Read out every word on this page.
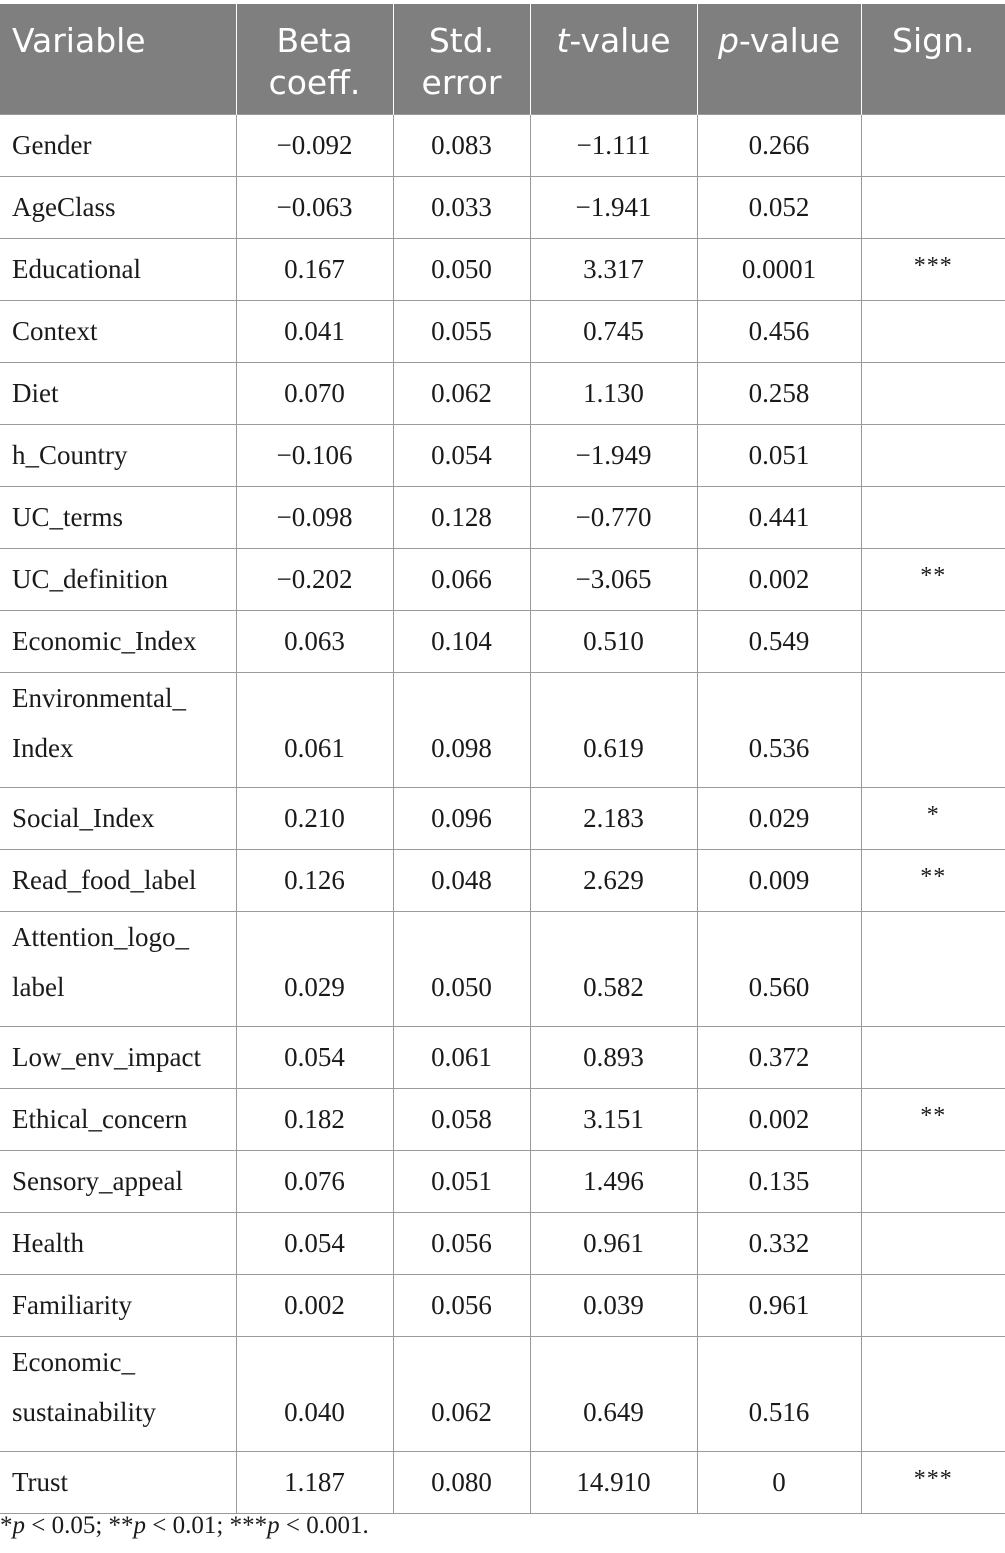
Variable	Beta coeff.	Std. error	t-value	p-value	Sign.
Gender	−0.092	0.083	−1.111	0.266	
AgeClass	−0.063	0.033	−1.941	0.052	
Educational	0.167	0.050	3.317	0.0001	***
Context	0.041	0.055	0.745	0.456	
Diet	0.070	0.062	1.130	0.258	
h_Country	−0.106	0.054	−1.949	0.051	
UC_terms	−0.098	0.128	−0.770	0.441	
UC_definition	−0.202	0.066	−3.065	0.002	**
Economic_Index	0.063	0.104	0.510	0.549	
Environmental_
Index	0.061	0.098	0.619	0.536	
Social_Index	0.210	0.096	2.183	0.029	*
Read_food_label	0.126	0.048	2.629	0.009	**
Attention_logo_
label	0.029	0.050	0.582	0.560	
Low_env_impact	0.054	0.061	0.893	0.372	
Ethical_concern	0.182	0.058	3.151	0.002	**
Sensory_appeal	0.076	0.051	1.496	0.135	
Health	0.054	0.056	0.961	0.332	
Familiarity	0.002	0.056	0.039	0.961	
Economic_
sustainability	0.040	0.062	0.649	0.516	
Trust	1.187	0.080	14.910	0	***
*p < 0.05; **p < 0.01; ***p < 0.001.
